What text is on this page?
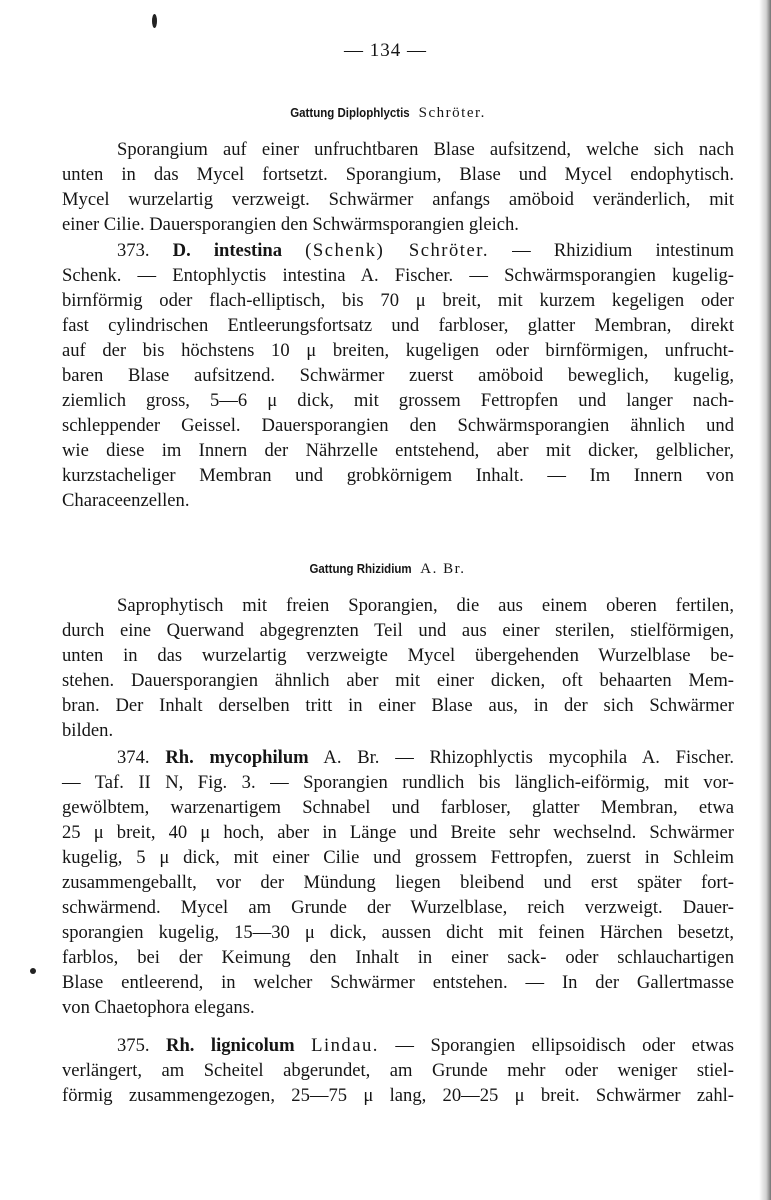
— 134 —
Gattung Diplophlyctis Schröter.
Sporangium auf einer unfruchtbaren Blase aufsitzend, welche sich nach
unten in das Mycel fortsetzt. Sporangium, Blase und Mycel endophytisch.
Mycel wurzelartig verzweigt. Schwärmer anfangs amöboid veränderlich, mit
einer Cilie. Dauersporangien den Schwärmsporangien gleich.
373. D. intestina (Schenk) Schröter. — Rhizidium intestinum
Schenk. — Entophlyctis intestina A. Fischer. — Schwärmsporangien kugelig-
birnförmig oder flach-elliptisch, bis 70 μ breit, mit kurzem kegeligen oder
fast cylindrischen Entleerungsfortsatz und farbloser, glatter Membran, direkt
auf der bis höchstens 10 μ breiten, kugeligen oder birnförmigen, unfrucht-
baren Blase aufsitzend. Schwärmer zuerst amöboid beweglich, kugelig,
ziemlich gross, 5—6 μ dick, mit grossem Fettropfen und langer nach-
schleppender Geissel. Dauersporangien den Schwärmsporangien ähnlich und
wie diese im Innern der Nährzelle entstehend, aber mit dicker, gelblicher,
kurzstacheliger Membran und grobkörnigem Inhalt. — Im Innern von
Characeenzellen.
Gattung Rhizidium A. Br.
Saprophytisch mit freien Sporangien, die aus einem oberen fertilen,
durch eine Querwand abgegrenzten Teil und aus einer sterilen, stielförmigen,
unten in das wurzelartig verzweigte Mycel übergehenden Wurzelblase be-
stehen. Dauersporangien ähnlich aber mit einer dicken, oft behaarten Mem-
bran. Der Inhalt derselben tritt in einer Blase aus, in der sich Schwärmer
bilden.
374. Rh. mycophilum A. Br. — Rhizophlyctis mycophila A. Fischer.
— Taf. II N, Fig. 3. — Sporangien rundlich bis länglich-eiförmig, mit vor-
gewölbtem, warzenartigem Schnabel und farbloser, glatter Membran, etwa
25 μ breit, 40 μ hoch, aber in Länge und Breite sehr wechselnd. Schwärmer
kugelig, 5 μ dick, mit einer Cilie und grossem Fettropfen, zuerst in Schleim
zusammengeballt, vor der Mündung liegen bleibend und erst später fort-
schwärmend. Mycel am Grunde der Wurzelblase, reich verzweigt. Dauer-
sporangien kugelig, 15—30 μ dick, aussen dicht mit feinen Härchen besetzt,
farblos, bei der Keimung den Inhalt in einer sack- oder schlauchartigen
Blase entleerend, in welcher Schwärmer entstehen. — In der Gallertmasse
von Chaetophora elegans.
375. Rh. lignicolum Lindau. — Sporangien ellipsoidisch oder etwas
verlängert, am Scheitel abgerundet, am Grunde mehr oder weniger stiel-
förmig zusammengezogen, 25—75 μ lang, 20—25 μ breit. Schwärmer zahl-
